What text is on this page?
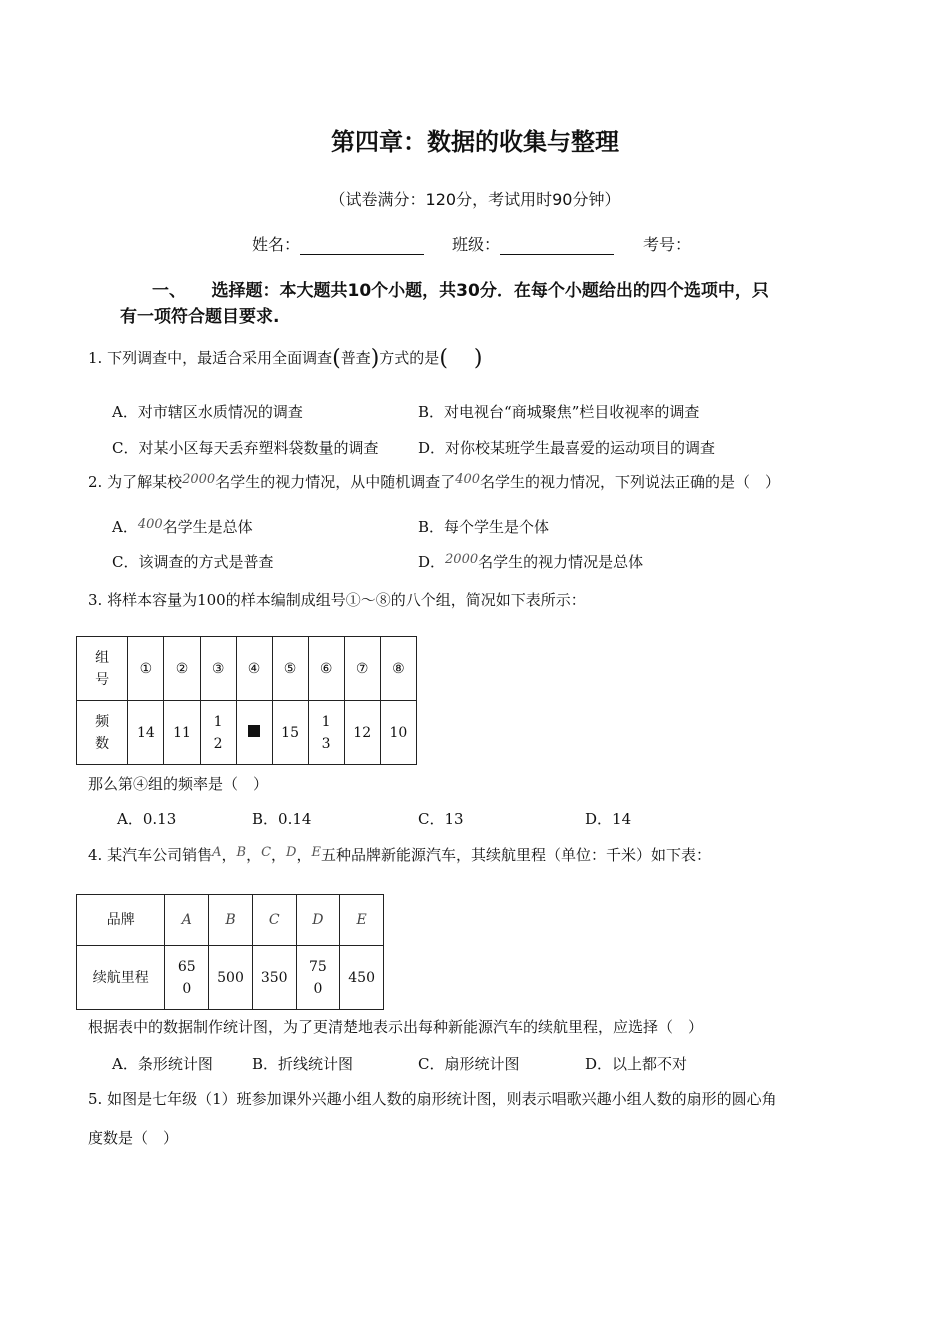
第四章：数据的收集与整理
（试卷满分：120分，考试用时90分钟）
姓名：	班级：	考号：
一、　　选择题：本大题共10个小题，共30分．在每个小题给出的四个选项中，只
有一项符合题目要求.
1. 下列调查中，最适合采用全面调查(普查)方式的是( )
A．对市辖区水质情况的调查	B．对电视台“商城聚焦”栏目收视率的调查
C．对某小区每天丢弃塑料袋数量的调查	D．对你校某班学生最喜爱的运动项目的调查
2. 为了解某校2000名学生的视力情况，从中随机调查了400名学生的视力情况，下列说法正确的是（　）
A．400名学生是总体	B．每个学生是个体
C．该调查的方式是普查	D．2000名学生的视力情况是总体
3. 将样本容量为100的样本编制成组号①～⑧的八个组，简况如下表所示：
组
号	①	②	③	④	⑤	⑥	⑦	⑧
频
数	14	11	1
2		15	1
3	12	10
那么第④组的频率是（　）
A．0.13	B．0.14	C．13	D．14
4. 某汽车公司销售A，B，C，D，E五种品牌新能源汽车，其续航里程（单位：千米）如下表：
品牌	A	B	C	D	E
续航里程	65
0	500	350	75
0	450
根据表中的数据制作统计图，为了更清楚地表示出每种新能源汽车的续航里程，应选择（　）
A．条形统计图	B．折线统计图	C．扇形统计图	D．以上都不对
5. 如图是七年级（1）班参加课外兴趣小组人数的扇形统计图，则表示唱歌兴趣小组人数的扇形的圆心角
度数是（　）
